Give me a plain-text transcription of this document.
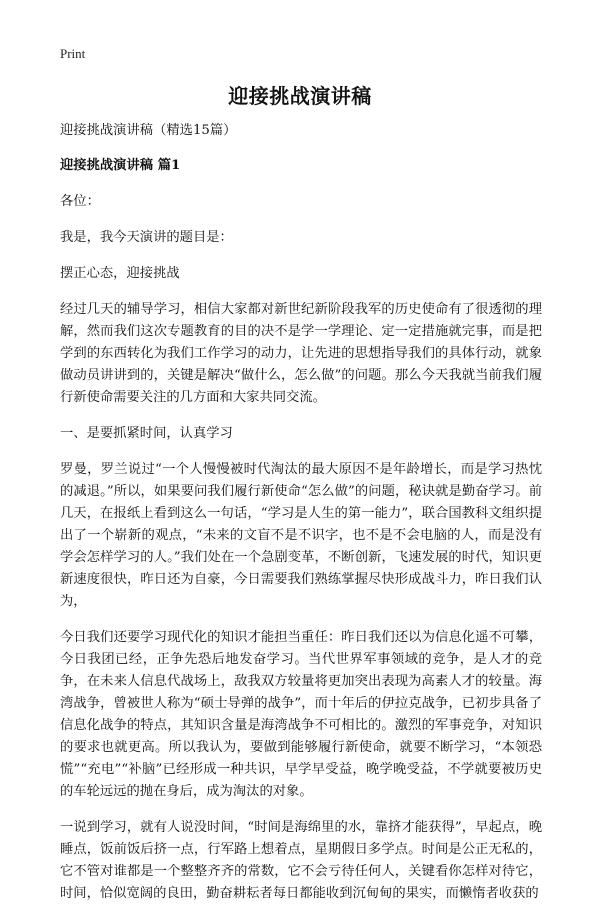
Print
迎接挑战演讲稿

迎接挑战演讲稿（精选15篇）

迎接挑战演讲稿 篇1

各位：

我是，我今天演讲的题目是：

摆正心态，迎接挑战

经过几天的辅导学习，相信大家都对新世纪新阶段我军的历史使命有了很透彻的理解，然而我们这次专题教育的目的决不是学一学理论、定一定措施就完事，而是把学到的东西转化为我们工作学习的动力，让先进的思想指导我们的具体行动，就象做动员讲讲到的，关键是解决“做什么，怎么做”的问题。那么今天我就当前我们履行新使命需要关注的几方面和大家共同交流。

一、是要抓紧时间，认真学习

罗曼，罗兰说过“一个人慢慢被时代淘汰的最大原因不是年龄增长，而是学习热忱的减退。”所以，如果要问我们履行新使命“怎么做”的问题，秘诀就是勤奋学习。前几天，在报纸上看到这么一句话，“学习是人生的第一能力”，联合国教科文组织提出了一个崭新的观点，“未来的文盲不是不识字，也不是不会电脑的人，而是没有学会怎样学习的人。”我们处在一个急剧变革，不断创新，飞速发展的时代，知识更新速度很快，昨日还为自豪，今日需要我们熟练掌握尽快形成战斗力，昨日我们认为，

今日我们还要学习现代化的知识才能担当重任：昨日我们还以为信息化遥不可攀，今日我团已经，正争先恐后地发奋学习。当代世界军事领域的竞争，是人才的竞争，在未来人信息代战场上，敌我双方较量将更加突出表现为高素人才的较量。海湾战争，曾被世人称为“硕士导弹的战争”，而十年后的伊拉克战争，已初步具备了信息化战争的特点，其知识含量是海湾战争不可相比的。激烈的军事竞争，对知识的要求也就更高。所以我认为，要做到能够履行新使命，就要不断学习，“本领恐慌”“充电”“补脑”已经形成一种共识，早学早受益，晚学晚受益，不学就要被历史的车轮远远的抛在身后，成为淘汰的对象。

一说到学习，就有人说没时间，“时间是海绵里的水，靠挤才能获得”，早起点，晚睡点，饭前饭后挤一点，行军路上想着点，星期假日多学点。时间是公正无私的，它不管对谁都是一个整整齐齐的常数，它不会亏待任何人，关键看你怎样对待它，时间，恰似宽阔的良田，勤奋耕耘者每日都能收到沉甸甸的果实，而懒惰者收获的
